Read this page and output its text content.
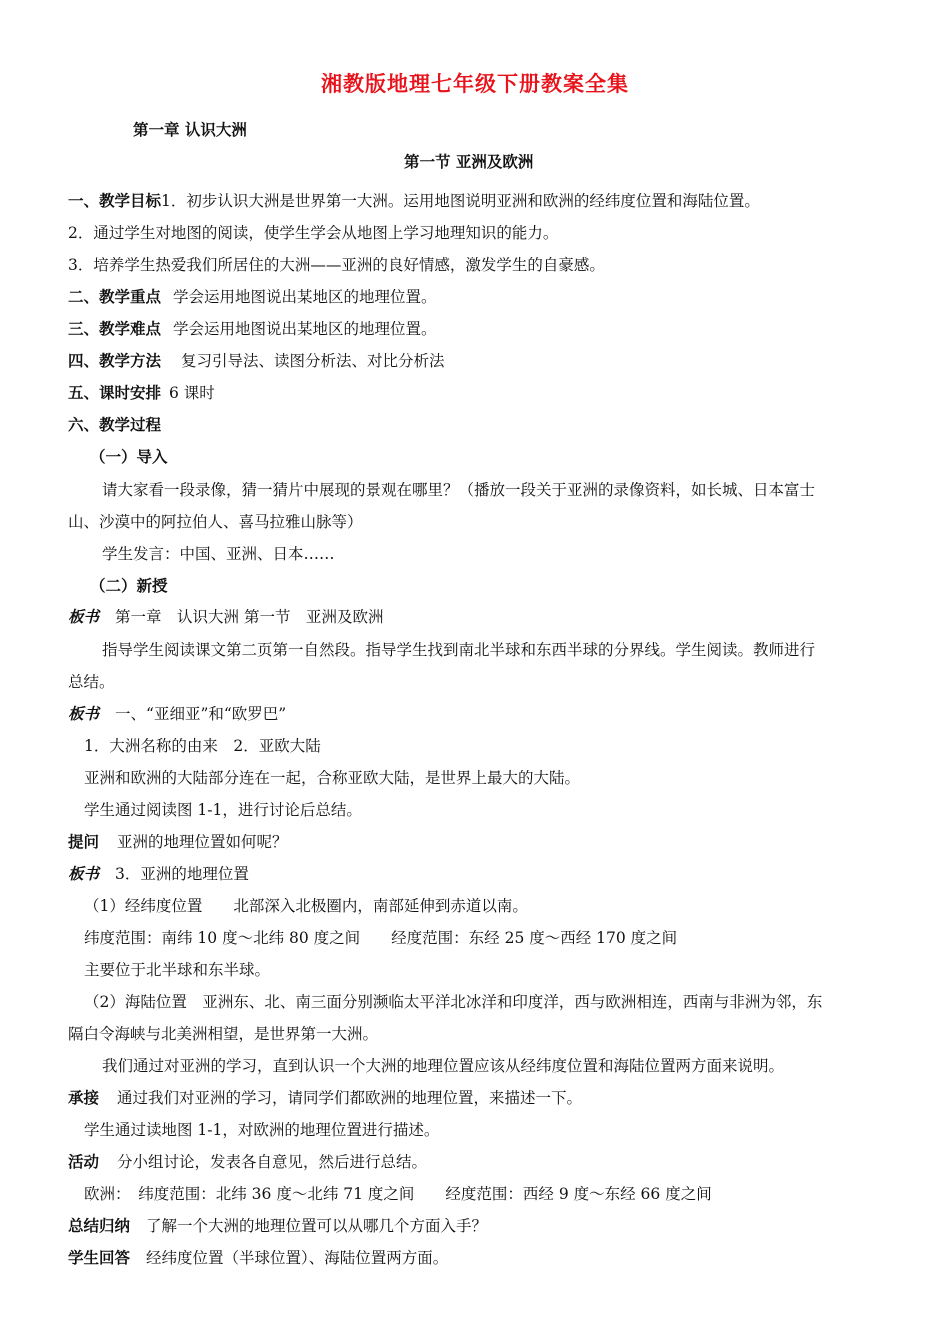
湘教版地理七年级下册教案全集
第一章 认识大洲
第一节 亚洲及欧洲
一、教学目标1．初步认识大洲是世界第一大洲。运用地图说明亚洲和欧洲的经纬度位置和海陆位置。
2．通过学生对地图的阅读，使学生学会从地图上学习地理知识的能力。
3．培养学生热爱我们所居住的大洲——亚洲的良好情感，激发学生的自豪感。
二、教学重点 学会运用地图说出某地区的地理位置。
三、教学难点 学会运用地图说出某地区的地理位置。
四、教学方法 复习引导法、读图分析法、对比分析法
五、课时安排 6 课时
六、教学过程
（一）导入
请大家看一段录像，猜一猜片中展现的景观在哪里？（播放一段关于亚洲的录像资料，如长城、日本富士
山、沙漠中的阿拉伯人、喜马拉雅山脉等）
学生发言：中国、亚洲、日本……
（二）新授
板书 第一章　认识大洲 第一节　亚洲及欧洲
指导学生阅读课文第二页第一自然段。指导学生找到南北半球和东西半球的分界线。学生阅读。教师进行
总结。
板书 一、“亚细亚”和“欧罗巴”
1．大洲名称的由来　2．亚欧大陆
亚洲和欧洲的大陆部分连在一起，合称亚欧大陆，是世界上最大的大陆。
学生通过阅读图 1-1，进行讨论后总结。
提问 亚洲的地理位置如何呢？
板书 3．亚洲的地理位置
（1）经纬度位置　　北部深入北极圈内，南部延伸到赤道以南。
纬度范围：南纬 10 度～北纬 80 度之间　　经度范围：东经 25 度～西经 170 度之间
主要位于北半球和东半球。
（2）海陆位置　亚洲东、北、南三面分别濒临太平洋北冰洋和印度洋，西与欧洲相连，西南与非洲为邻，东
隔白令海峡与北美洲相望，是世界第一大洲。
我们通过对亚洲的学习，直到认识一个大洲的地理位置应该从经纬度位置和海陆位置两方面来说明。
承接 通过我们对亚洲的学习，请同学们都欧洲的地理位置，来描述一下。
学生通过读地图 1-1，对欧洲的地理位置进行描述。
活动 分小组讨论，发表各自意见，然后进行总结。
欧洲：　纬度范围：北纬 36 度～北纬 71 度之间　　经度范围：西经 9 度～东经 66 度之间
总结归纳 了解一个大洲的地理位置可以从哪几个方面入手？
学生回答 经纬度位置（半球位置）、海陆位置两方面。
